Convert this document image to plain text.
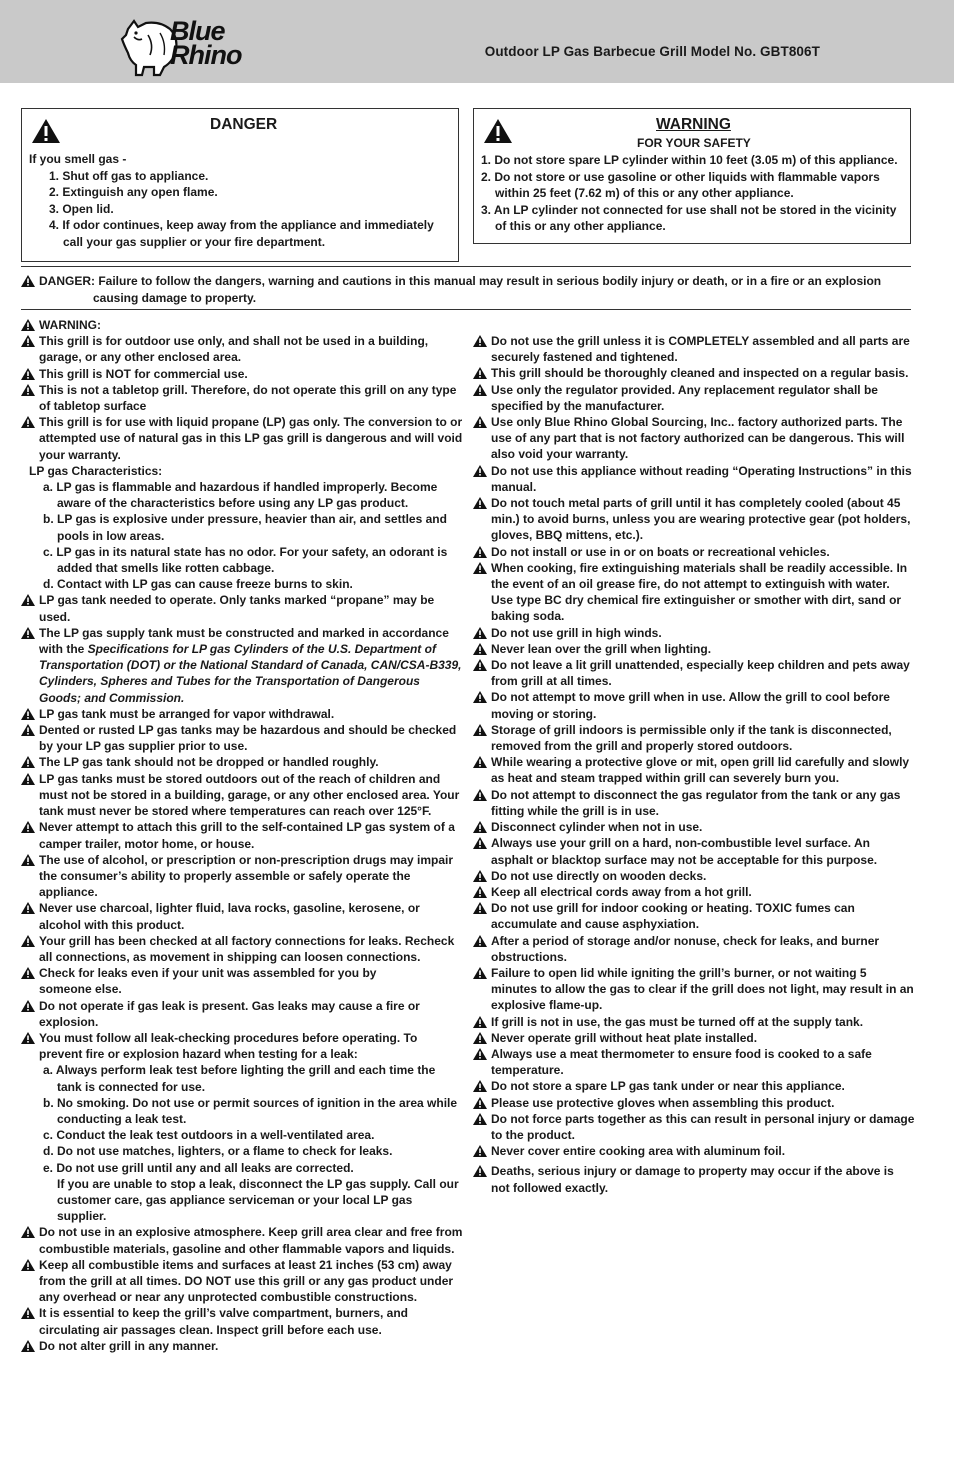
Blue
Rhino	Outdoor LP Gas Barbecue Grill Model No. GBT806T
DANGER
If you smell gas -
1. Shut off gas to appliance.
2. Extinguish any open flame.
3. Open lid.
4. If odor continues, keep away from the appliance and immediately call your gas supplier or your fire department.
WARNING
FOR YOUR SAFETY
1. Do not store spare LP cylinder within 10 feet (3.05 m) of this appliance.
2. Do not store or use gasoline or other liquids with flammable vapors within 25 feet (7.62 m) of this or any other appliance.
3. An LP cylinder not connected for use shall not be stored in the vicinity of this or any other appliance.
DANGER: Failure to follow the dangers, warning and cautions in this manual may result in serious bodily injury or death, or in a fire or an explosion
causing damage to property.
WARNING:
This grill is for outdoor use only, and shall not be used in a building, garage, or any other enclosed area.
This grill is NOT for commercial use.
This is not a tabletop grill. Therefore, do not operate this grill on any type of tabletop surface
This grill is for use with liquid propane (LP) gas only. The conversion to or attempted use of natural gas in this LP gas grill is dangerous and will void your warranty.
LP gas Characteristics:
a. LP gas is flammable and hazardous if handled improperly. Become aware of the characteristics before using any LP gas product.
b. LP gas is explosive under pressure, heavier than air, and settles and pools in low areas.
c. LP gas in its natural state has no odor. For your safety, an odorant is added that smells like rotten cabbage.
d. Contact with LP gas can cause freeze burns to skin.
LP gas tank needed to operate. Only tanks marked “propane” may be used.
The LP gas supply tank must be constructed and marked in accordance with the Specifications for LP gas Cylinders of the U.S. Department of Transportation (DOT) or the National Standard of Canada, CAN/CSA-B339, Cylinders, Spheres and Tubes for the Transportation of Dangerous Goods; and Commission.
LP gas tank must be arranged for vapor withdrawal.
Dented or rusted LP gas tanks may be hazardous and should be checked by your LP gas supplier prior to use.
The LP gas tank should not be dropped or handled roughly.
LP gas tanks must be stored outdoors out of the reach of children and must not be stored in a building, garage, or any other enclosed area. Your tank must never be stored where temperatures can reach over 125°F.
Never attempt to attach this grill to the self-contained LP gas system of a camper trailer, motor home, or house.
The use of alcohol, or prescription or non-prescription drugs may impair the consumer’s ability to properly assemble or safely operate the appliance.
Never use charcoal, lighter fluid, lava rocks, gasoline, kerosene, or alcohol with this product.
Your grill has been checked at all factory connections for leaks. Recheck all connections, as movement in shipping can loosen connections.
Check for leaks even if your unit was assembled for you by
someone else.
Do not operate if gas leak is present. Gas leaks may cause a fire or explosion.
You must follow all leak-checking procedures before operating. To prevent fire or explosion hazard when testing for a leak:
a. Always perform leak test before lighting the grill and each time the tank is connected for use.
b. No smoking. Do not use or permit sources of ignition in the area while conducting a leak test.
c. Conduct the leak test outdoors in a well-ventilated area.
d. Do not use matches, lighters, or a flame to check for leaks.
e. Do not use grill until any and all leaks are corrected.
If you are unable to stop a leak, disconnect the LP gas supply. Call our customer care, gas appliance serviceman or your local LP gas supplier.
Do not use in an explosive atmosphere. Keep grill area clear and free from combustible materials, gasoline and other flammable vapors and liquids.
Keep all combustible items and surfaces at least 21 inches (53 cm) away from the grill at all times. DO NOT use this grill or any gas product under any overhead or near any unprotected combustible constructions.
It is essential to keep the grill’s valve compartment, burners, and circulating air passages clean. Inspect grill before each use.
Do not alter grill in any manner.
Do not use the grill unless it is COMPLETELY assembled and all parts are securely fastened and tightened.
This grill should be thoroughly cleaned and inspected on a regular basis.
Use only the regulator provided. Any replacement regulator shall be specified by the manufacturer.
Use only Blue Rhino Global Sourcing, Inc.. factory authorized parts. The use of any part that is not factory authorized can be dangerous. This will also void your warranty.
Do not use this appliance without reading “Operating Instructions” in this manual.
Do not touch metal parts of grill until it has completely cooled (about 45 min.) to avoid burns, unless you are wearing protective gear (pot holders, gloves, BBQ mittens, etc.).
Do not install or use in or on boats or recreational vehicles.
When cooking, fire extinguishing materials shall be readily accessible. In the event of an oil grease fire, do not attempt to extinguish with water. Use type BC dry chemical fire extinguisher or smother with dirt, sand or baking soda.
Do not use grill in high winds.
Never lean over the grill when lighting.
Do not leave a lit grill unattended, especially keep children and pets away from grill at all times.
Do not attempt to move grill when in use. Allow the grill to cool before moving or storing.
Storage of grill indoors is permissible only if the tank is disconnected, removed from the grill and properly stored outdoors.
While wearing a protective glove or mit, open grill lid carefully and slowly as heat and steam trapped within grill can severely burn you.
Do not attempt to disconnect the gas regulator from the tank or any gas fitting while the grill is in use.
Disconnect cylinder when not in use.
Always use your grill on a hard, non-combustible level surface. An asphalt or blacktop surface may not be acceptable for this purpose.
Do not use directly on wooden decks.
Keep all electrical cords away from a hot grill.
Do not use grill for indoor cooking or heating. TOXIC fumes can accumulate and cause asphyxiation.
After a period of storage and/or nonuse, check for leaks, and burner obstructions.
Failure to open lid while igniting the grill’s burner, or not waiting 5 minutes to allow the gas to clear if the grill does not light, may result in an explosive flame-up.
If grill is not in use, the gas must be turned off at the supply tank.
Never operate grill without heat plate installed.
Always use a meat thermometer to ensure food is cooked to a safe temperature.
Do not store a spare LP gas tank under or near this appliance.
Please use protective gloves when assembling this product.
Do not force parts together as this can result in personal injury or damage to the product.
Never cover entire cooking area with aluminum foil.
Deaths, serious injury or damage to property may occur if the above is not followed exactly.
